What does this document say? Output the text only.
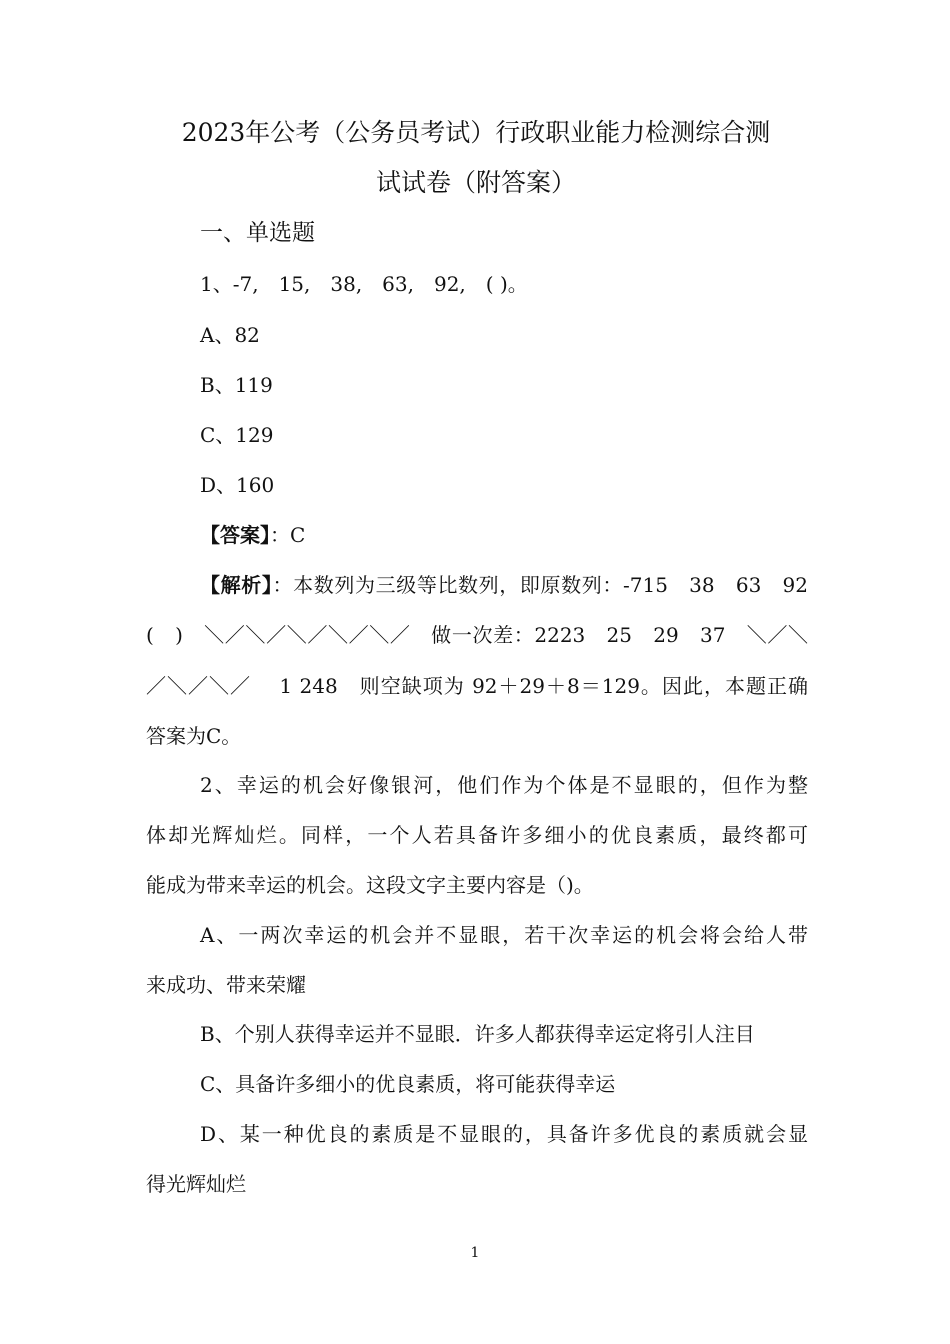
2023年公考（公务员考试）行政职业能力检测综合测
试试卷（附答案）

一、单选题

1、-7,　15,　38,　63,　92,　( )。

A、82

B、119

C、129

D、160

【答案】：C

【解析】：本数列为三级等比数列，即原数列：-715　38　63　92

(　)　＼／＼／＼／＼／＼／　做一次差：2223　25　29　37　＼／＼

／＼／＼／　 1 248　则空缺项为 92＋29＋8＝129。因此，本题正确

答案为C。

2、幸运的机会好像银河，他们作为个体是不显眼的，但作为整

体却光辉灿烂。同样，一个人若具备许多细小的优良素质，最终都可

能成为带来幸运的机会。这段文字主要内容是（)。

A、一两次幸运的机会并不显眼，若干次幸运的机会将会给人带

来成功、带来荣耀

B、个别人获得幸运并不显眼．许多人都获得幸运定将引人注目

C、具备许多细小的优良素质，将可能获得幸运

D、某一种优良的素质是不显眼的，具备许多优良的素质就会显

得光辉灿烂

1
